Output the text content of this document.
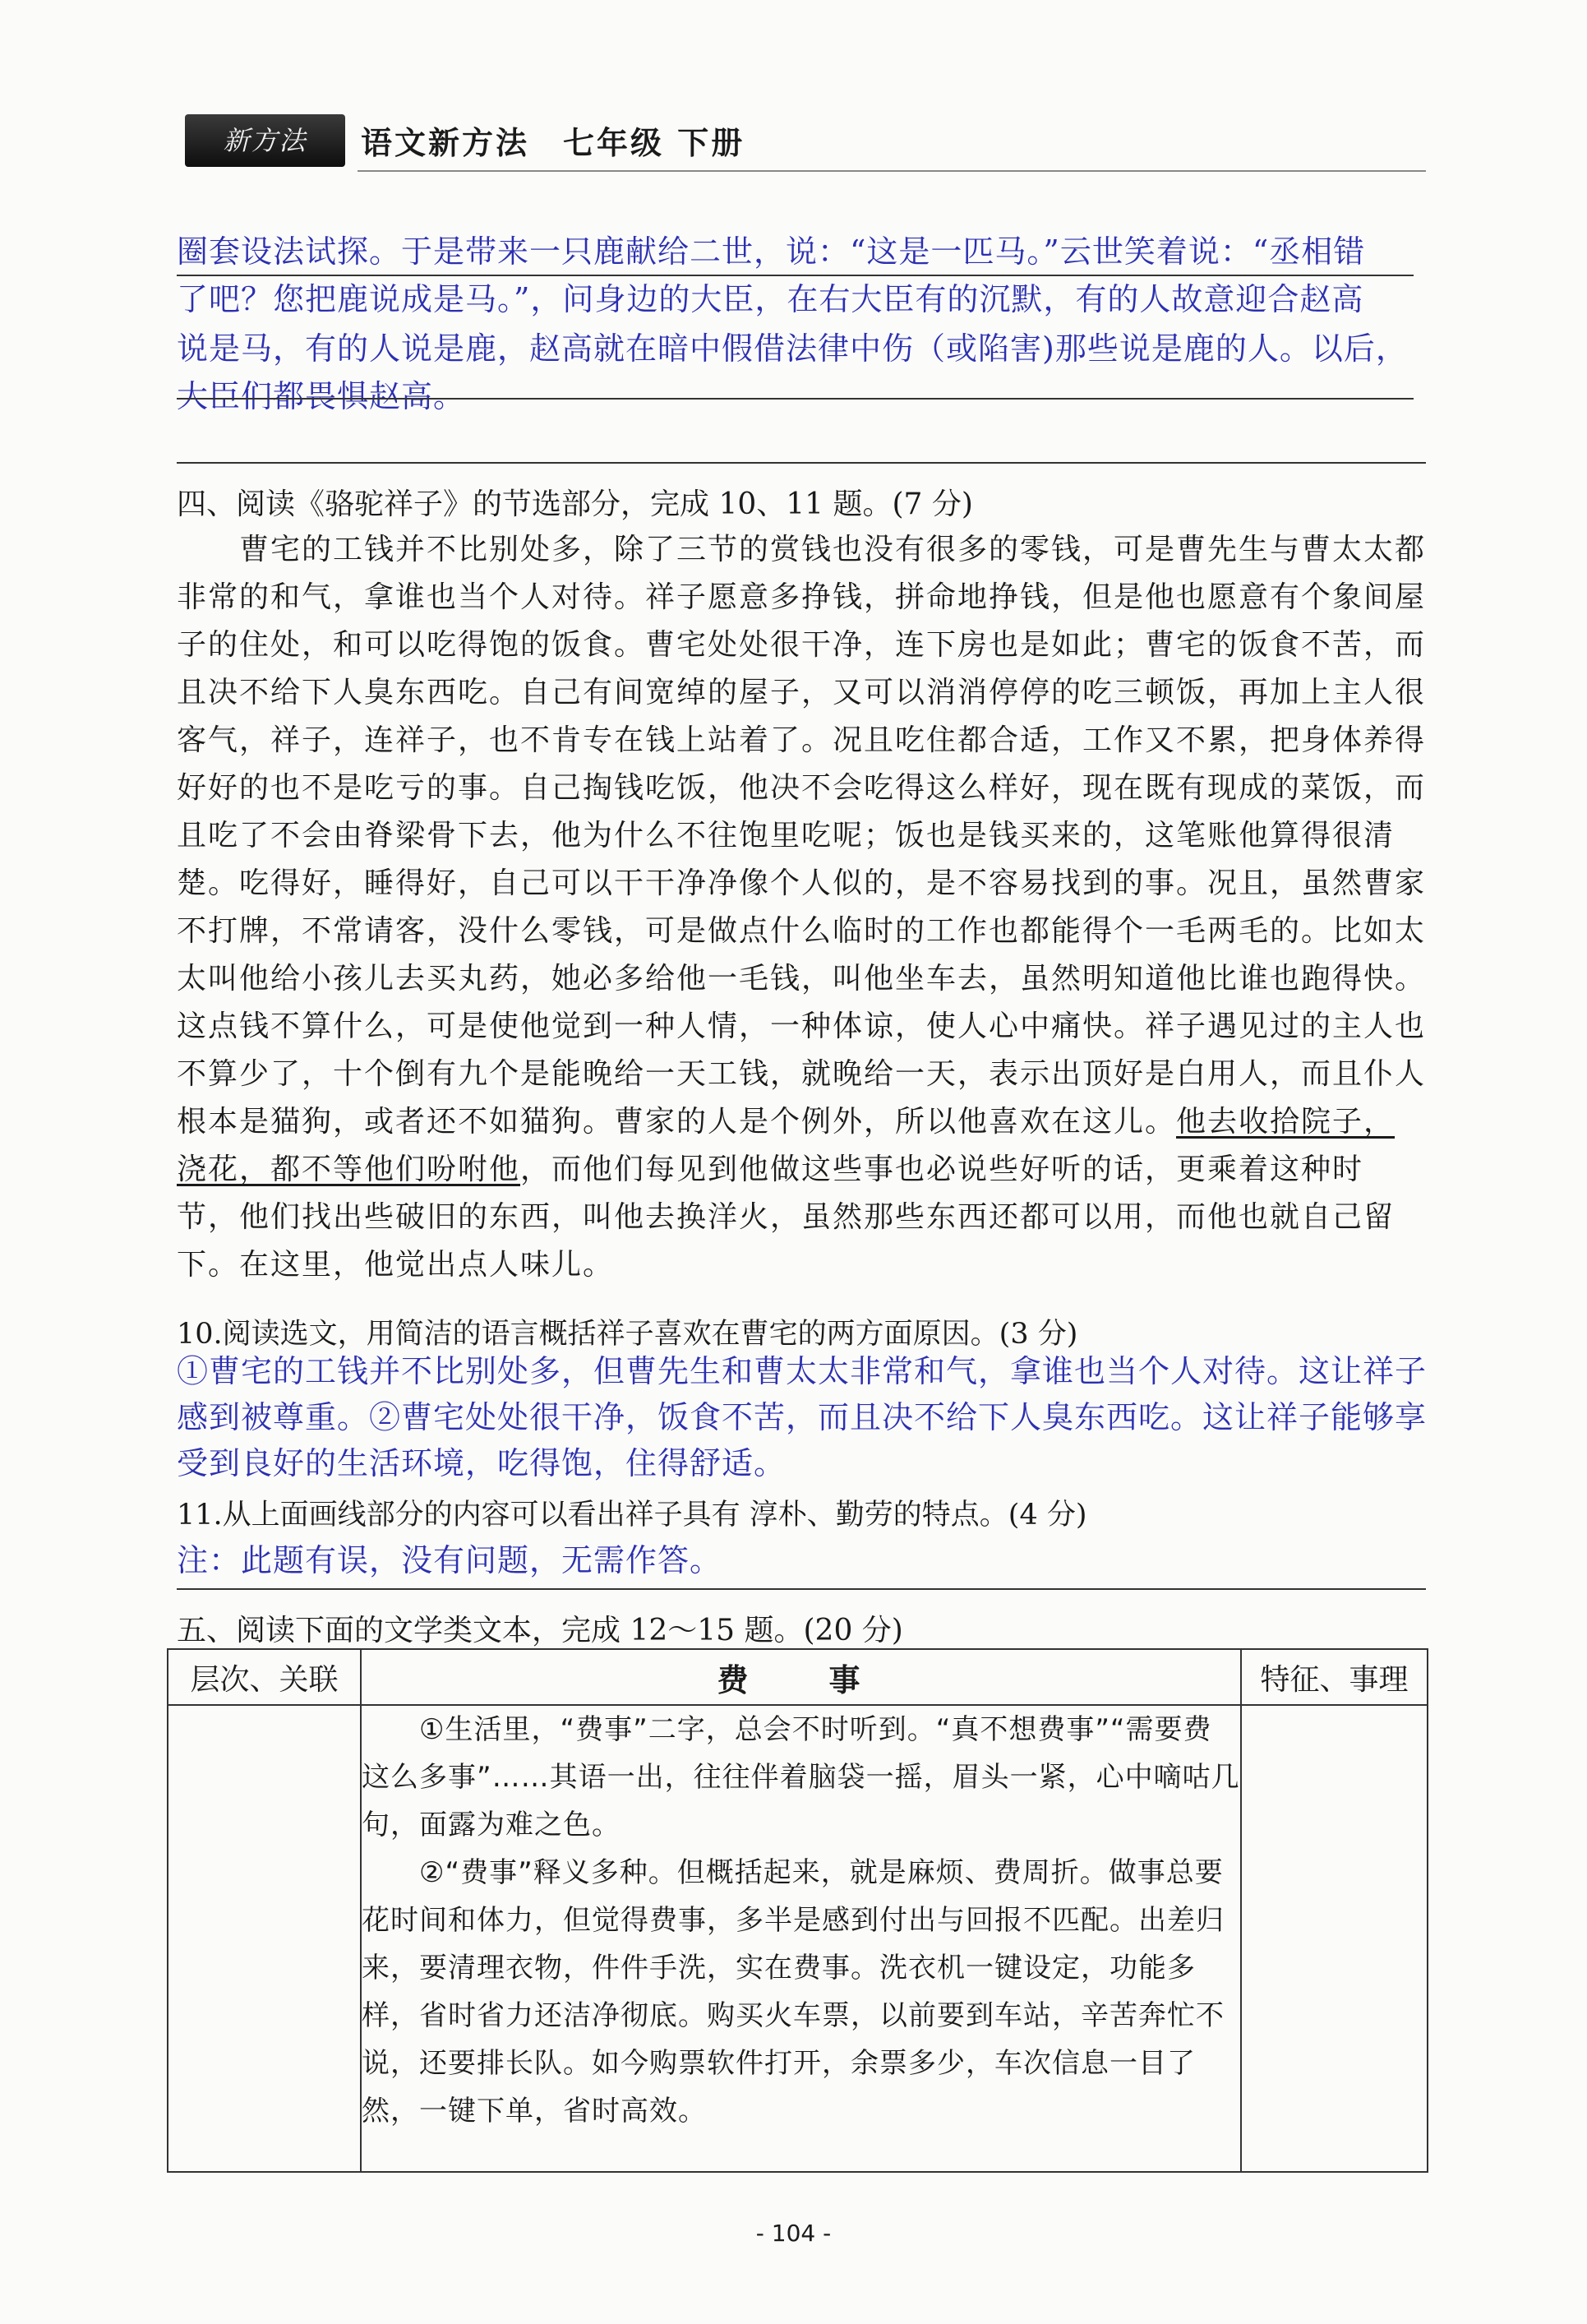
新方法	语文新方法　七年级 下册
圈套设法试探。于是带来一只鹿献给二世，说：“这是一匹马。”云世笑着说：“丞相错
了吧？您把鹿说成是马。”，问身边的大臣，在右大臣有的沉默，有的人故意迎合赵高
说是马，有的人说是鹿，赵高就在暗中假借法律中伤（或陷害)那些说是鹿的人。以后，
大臣们都畏惧赵高。
四、阅读《骆驼祥子》的节选部分，完成 10、11 题。(7 分)

曹宅的工钱并不比别处多，除了三节的赏钱也没有很多的零钱，可是曹先生与曹太太都非常的和气，拿谁也当个人对待。祥子愿意多挣钱，拼命地挣钱，但是他也愿意有个象间屋子的住处，和可以吃得饱的饭食。曹宅处处很干净，连下房也是如此；曹宅的饭食不苦，而且决不给下人臭东西吃。自己有间宽绰的屋子，又可以消消停停的吃三顿饭，再加上主人很客气，祥子，连祥子，也不肯专在钱上站着了。况且吃住都合适，工作又不累，把身体养得好好的也不是吃亏的事。自己掏钱吃饭，他决不会吃得这么样好，现在既有现成的菜饭，而且吃了不会由脊梁骨下去，他为什么不往饱里吃呢；饭也是钱买来的，这笔账他算得很清楚。吃得好，睡得好，自己可以干干净净像个人似的，是不容易找到的事。况且，虽然曹家不打牌，不常请客，没什么零钱，可是做点什么临时的工作也都能得个一毛两毛的。比如太太叫他给小孩儿去买丸药，她必多给他一毛钱，叫他坐车去，虽然明知道他比谁也跑得快。这点钱不算什么，可是使他觉到一种人情，一种体谅，使人心中痛快。祥子遇见过的主人也不算少了，十个倒有九个是能晚给一天工钱，就晚给一天，表示出顶好是白用人，而且仆人根本是猫狗，或者还不如猫狗。曹家的人是个例外，所以他喜欢在这儿。他去收拾院子，浇花，都不等他们吩咐他，而他们每见到他做这些事也必说些好听的话，更乘着这种时节，他们找出些破旧的东西，叫他去换洋火，虽然那些东西还都可以用，而他也就自己留下。在这里，他觉出点人味儿。

10.阅读选文，用简洁的语言概括祥子喜欢在曹宅的两方面原因。(3 分)
①曹宅的工钱并不比别处多，但曹先生和曹太太非常和气，拿谁也当个人对待。这让祥子感到被尊重。②曹宅处处很干净，饭食不苦，而且决不给下人臭东西吃。这让祥子能够享受到良好的生活环境，吃得饱，住得舒适。
11.从上面画线部分的内容可以看出祥子具有 淳朴、勤劳的特点。(4 分)
注：此题有误，没有问题，无需作答。
五、阅读下面的文学类文本，完成 12～15 题。(20 分)
层次、关联	费　事	特征、事理

	①生活里，“费事”二字，总会不时听到。“真不想费事”“需要费这么多事”……其语一出，往往伴着脑袋一摇，眉头一紧，心中嘀咕几句，面露为难之色。

②“费事”释义多种。但概括起来，就是麻烦、费周折。做事总要花时间和体力，但觉得费事，多半是感到付出与回报不匹配。出差归来，要清理衣物，件件手洗，实在费事。洗衣机一键设定，功能多样，省时省力还洁净彻底。购买火车票，以前要到车站，辛苦奔忙不说，还要排长队。如今购票软件打开，余票多少，车次信息一目了然，一键下单，省时高效。	

- 104 -
